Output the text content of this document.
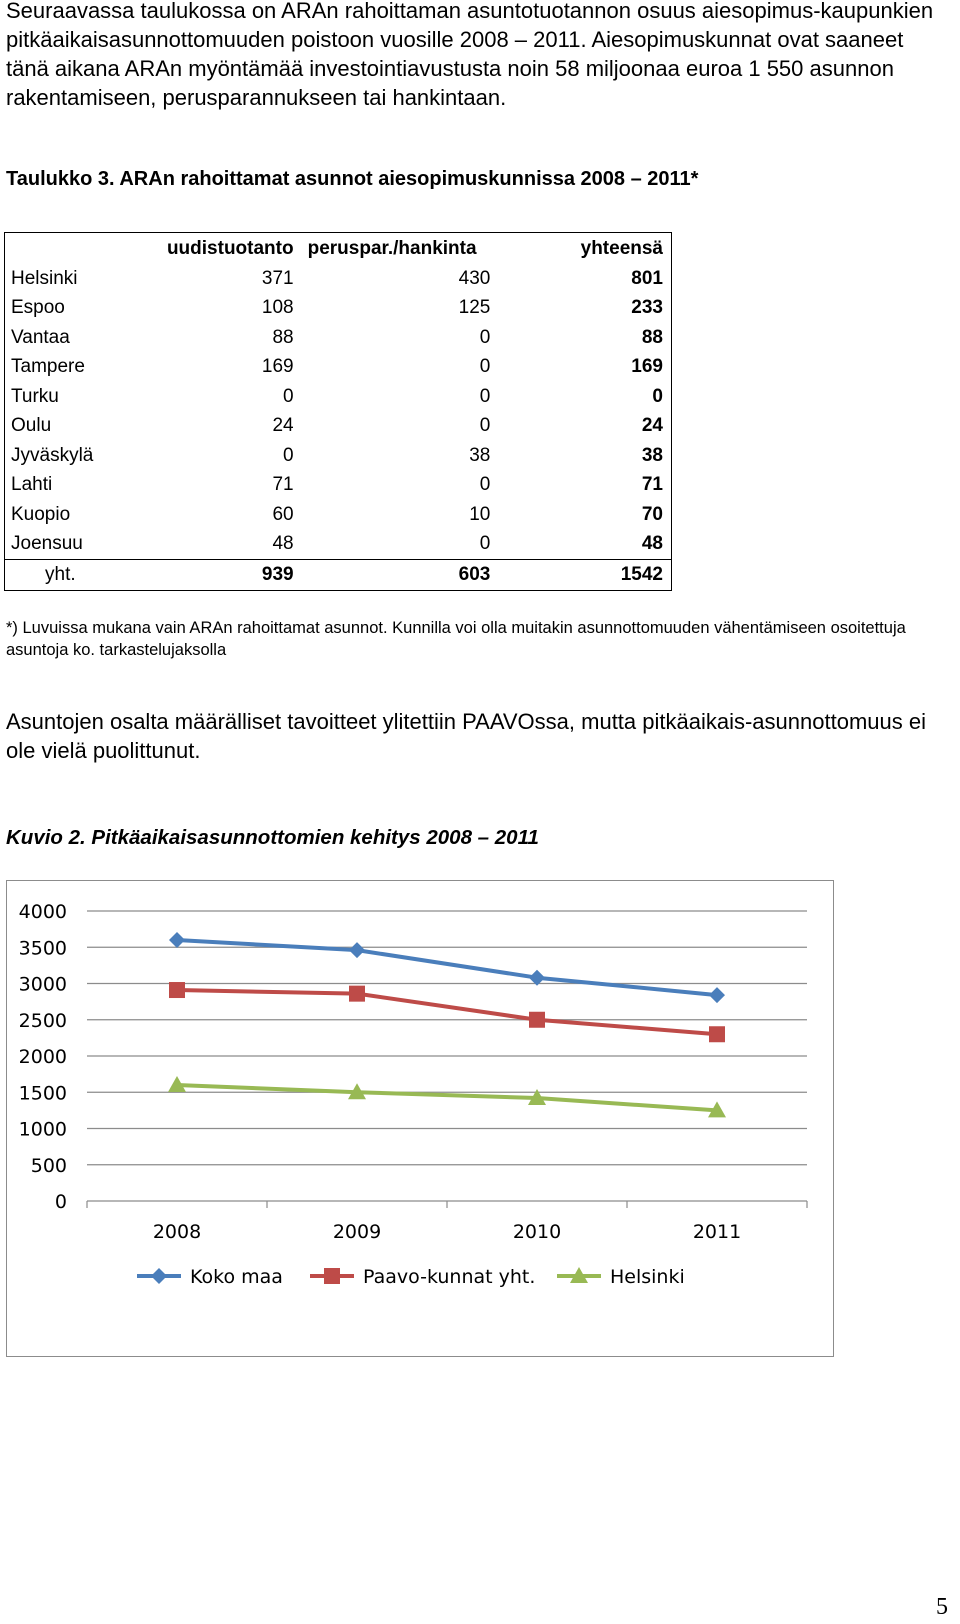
Seuraavassa taulukossa on ARAn rahoittaman asuntotuotannon osuus aiesopimus-kaupunkien pitkäaikaisasunnottomuuden poistoon vuosille 2008 – 2011. Aiesopimuskunnat ovat saaneet tänä aikana ARAn myöntämää investointiavustusta noin 58 miljoonaa euroa 1 550 asunnon rakentamiseen, perusparannukseen tai hankintaan.

Taulukko 3. ARAn rahoittamat asunnot aiesopimuskunnissa 2008 – 2011*

	uudistuotanto	peruspar./hankinta	yhteensä
Helsinki	371	430	801
Espoo	108	125	233
Vantaa	88	0	88
Tampere	169	0	169
Turku	0	0	0
Oulu	24	0	24
Jyväskylä	0	38	38
Lahti	71	0	71
Kuopio	60	10	70
Joensuu	48	0	48
yht.	939	603	1542

*) Luvuissa mukana vain ARAn rahoittamat asunnot. Kunnilla voi olla muitakin asunnottomuuden vähentämiseen osoitettuja asuntoja ko. tarkastelujaksolla

Asuntojen osalta määrälliset tavoitteet ylitettiin PAAVOssa, mutta pitkäaikais-asunnottomuus ei ole vielä puolittunut.

Kuvio 2. Pitkäaikaisasunnottomien kehitys 2008 – 2011

0
500
1000
1500
2000
2500
3000
3500
4000
2008	2009	2010	2011
Koko maa	Paavo-kunnat yht.	Helsinki
5
